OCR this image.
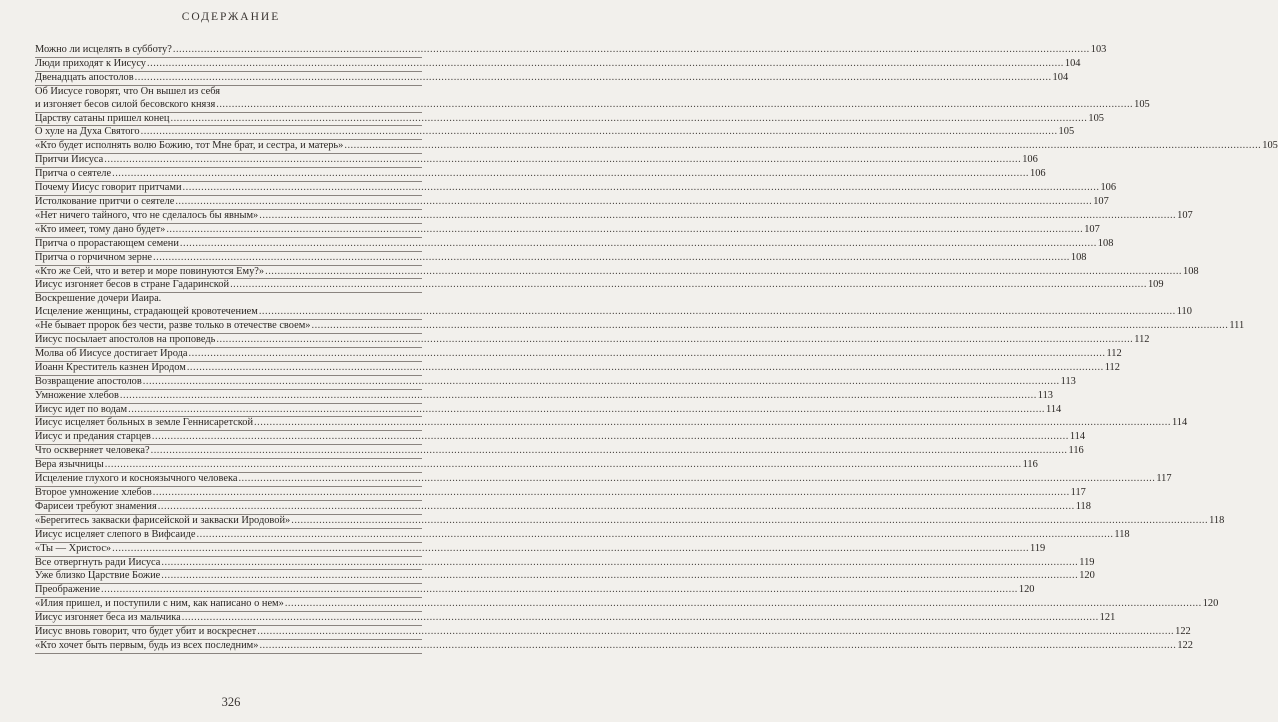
СОДЕРЖАНИЕ
Можно ли исцелять в субботу? .....	103
Люди приходят к Иисусу .....	104
Двенадцать апостолов .....	104
Об Иисусе говорят, что Он вышел из себя
и изгоняет бесов силой бесовского князя .....	105
Царству сатаны пришел конец .....	105
О хуле на Духа Святого .....	105
«Кто будет исполнять волю Божию, тот Мне брат, и сестра, и матерь» .....	105
Притчи Иисуса .....	106
Притча о сеятеле .....	106
Почему Иисус говорит притчами .....	106
Истолкование притчи о сеятеле .....	107
«Нет ничего тайного, что не сделалось бы явным» .....	107
«Кто имеет, тому дано будет» .....	107
Притча о прорастающем семени .....	108
Притча о горчичном зерне .....	108
«Кто же Сей, что и ветер и море повинуются Ему?» .....	108
Иисус изгоняет бесов в стране Гадаринской .....	109
Воскрешение дочери Иаира.
Исцеление женщины, страдающей кровотечением .....	110
«Не бывает пророк без чести, разве только в отечестве своем» .....	111
Иисус посылает апостолов на проповедь .....	112
Молва об Иисусе достигает Ирода .....	112
Иоанн Креститель казнен Иродом .....	112
Возвращение апостолов .....	113
Умножение хлебов .....	113
Иисус идет по водам .....	114
Иисус исцеляет больных в земле Геннисаретской .....	114
Иисус и предания старцев .....	114
Что оскверняет человека? .....	116
Вера язычницы .....	116
Исцеление глухого и косноязычного человека .....	117
Второе умножение хлебов .....	117
Фарисеи требуют знамения .....	118
«Берегитесь закваски фарисейской и закваски Иродовой» .....	118
Иисус исцеляет слепого в Вифсаиде .....	118
«Ты — Христос» .....	119
Все отвергнуть ради Иисуса .....	119
Уже близко Царствие Божие .....	120
Преображение .....	120
«Илия пришел, и поступили с ним, как написано о нем» .....	120
Иисус изгоняет беса из мальчика .....	121
Иисус вновь говорит, что будет убит и воскреснет .....	122
«Кто хочет быть первым, будь из всех последним» .....	122
326
